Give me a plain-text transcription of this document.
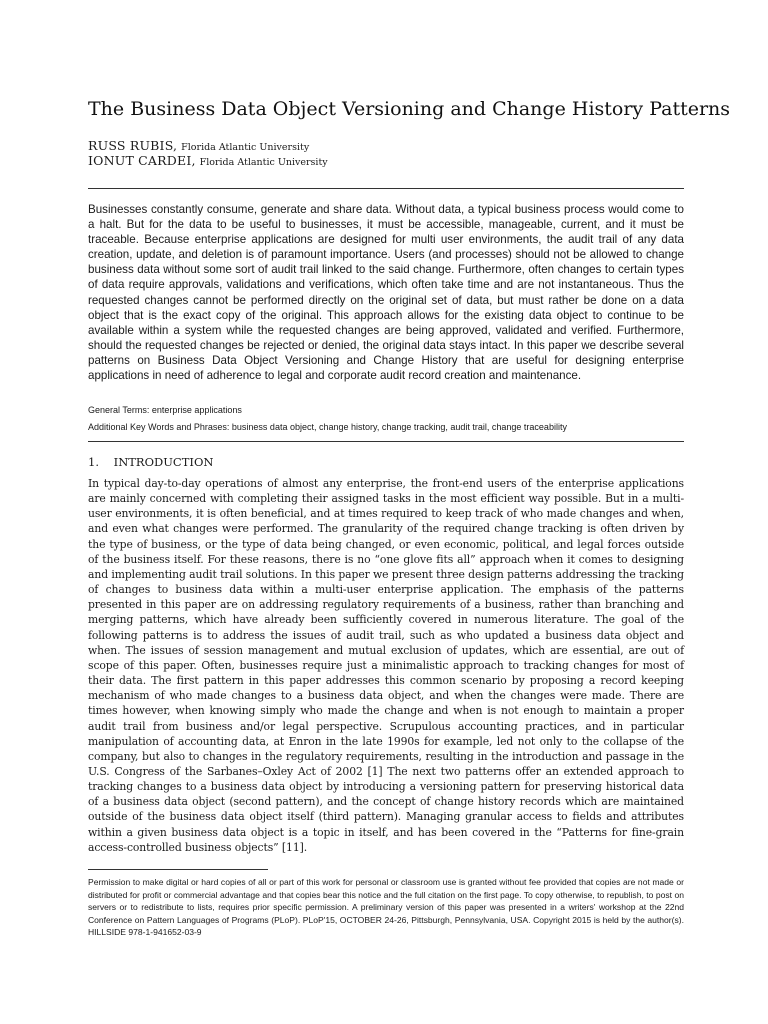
The Business Data Object Versioning and Change History Patterns
RUSS RUBIS, Florida Atlantic University
IONUT CARDEI, Florida Atlantic University
Businesses constantly consume, generate and share data. Without data, a typical business process would come to a halt. But for the data to be useful to businesses, it must be accessible, manageable, current, and it must be traceable. Because enterprise applications are designed for multi user environments, the audit trail of any data creation, update, and deletion is of paramount importance. Users (and processes) should not be allowed to change business data without some sort of audit trail linked to the said change. Furthermore, often changes to certain types of data require approvals, validations and verifications, which often take time and are not instantaneous. Thus the requested changes cannot be performed directly on the original set of data, but must rather be done on a data object that is the exact copy of the original. This approach allows for the existing data object to continue to be available within a system while the requested changes are being approved, validated and verified. Furthermore, should the requested changes be rejected or denied, the original data stays intact. In this paper we describe several patterns on Business Data Object Versioning and Change History that are useful for designing enterprise applications in need of adherence to legal and corporate audit record creation and maintenance.
General Terms: enterprise applications
Additional Key Words and Phrases: business data object, change history, change tracking, audit trail, change traceability
1. INTRODUCTION
In typical day-to-day operations of almost any enterprise, the front-end users of the enterprise applications are mainly concerned with completing their assigned tasks in the most efficient way possible. But in a multi-user environments, it is often beneficial, and at times required to keep track of who made changes and when, and even what changes were performed. The granularity of the required change tracking is often driven by the type of business, or the type of data being changed, or even economic, political, and legal forces outside of the business itself. For these reasons, there is no “one glove fits all” approach when it comes to designing and implementing audit trail solutions. In this paper we present three design patterns addressing the tracking of changes to business data within a multi-user enterprise application. The emphasis of the patterns presented in this paper are on addressing regulatory requirements of a business, rather than branching and merging patterns, which have already been sufficiently covered in numerous literature. The goal of the following patterns is to address the issues of audit trail, such as who updated a business data object and when. The issues of session management and mutual exclusion of updates, which are essential, are out of scope of this paper. Often, businesses require just a minimalistic approach to tracking changes for most of their data. The first pattern in this paper addresses this common scenario by proposing a record keeping mechanism of who made changes to a business data object, and when the changes were made. There are times however, when knowing simply who made the change and when is not enough to maintain a proper audit trail from business and/or legal perspective. Scrupulous accounting practices, and in particular manipulation of accounting data, at Enron in the late 1990s for example, led not only to the collapse of the company, but also to changes in the regulatory requirements, resulting in the introduction and passage in the U.S. Congress of the Sarbanes–Oxley Act of 2002 [1] The next two patterns offer an extended approach to tracking changes to a business data object by introducing a versioning pattern for preserving historical data of a business data object (second pattern), and the concept of change history records which are maintained outside of the business data object itself (third pattern). Managing granular access to fields and attributes within a given business data object is a topic in itself, and has been covered in the “Patterns for fine-grain access-controlled business objects” [11].
Permission to make digital or hard copies of all or part of this work for personal or classroom use is granted without fee provided that copies are not made or distributed for profit or commercial advantage and that copies bear this notice and the full citation on the first page. To copy otherwise, to republish, to post on servers or to redistribute to lists, requires prior specific permission. A preliminary version of this paper was presented in a writers' workshop at the 22nd Conference on Pattern Languages of Programs (PLoP). PLoP'15, OCTOBER 24-26, Pittsburgh, Pennsylvania, USA. Copyright 2015 is held by the author(s). HILLSIDE 978-1-941652-03-9
